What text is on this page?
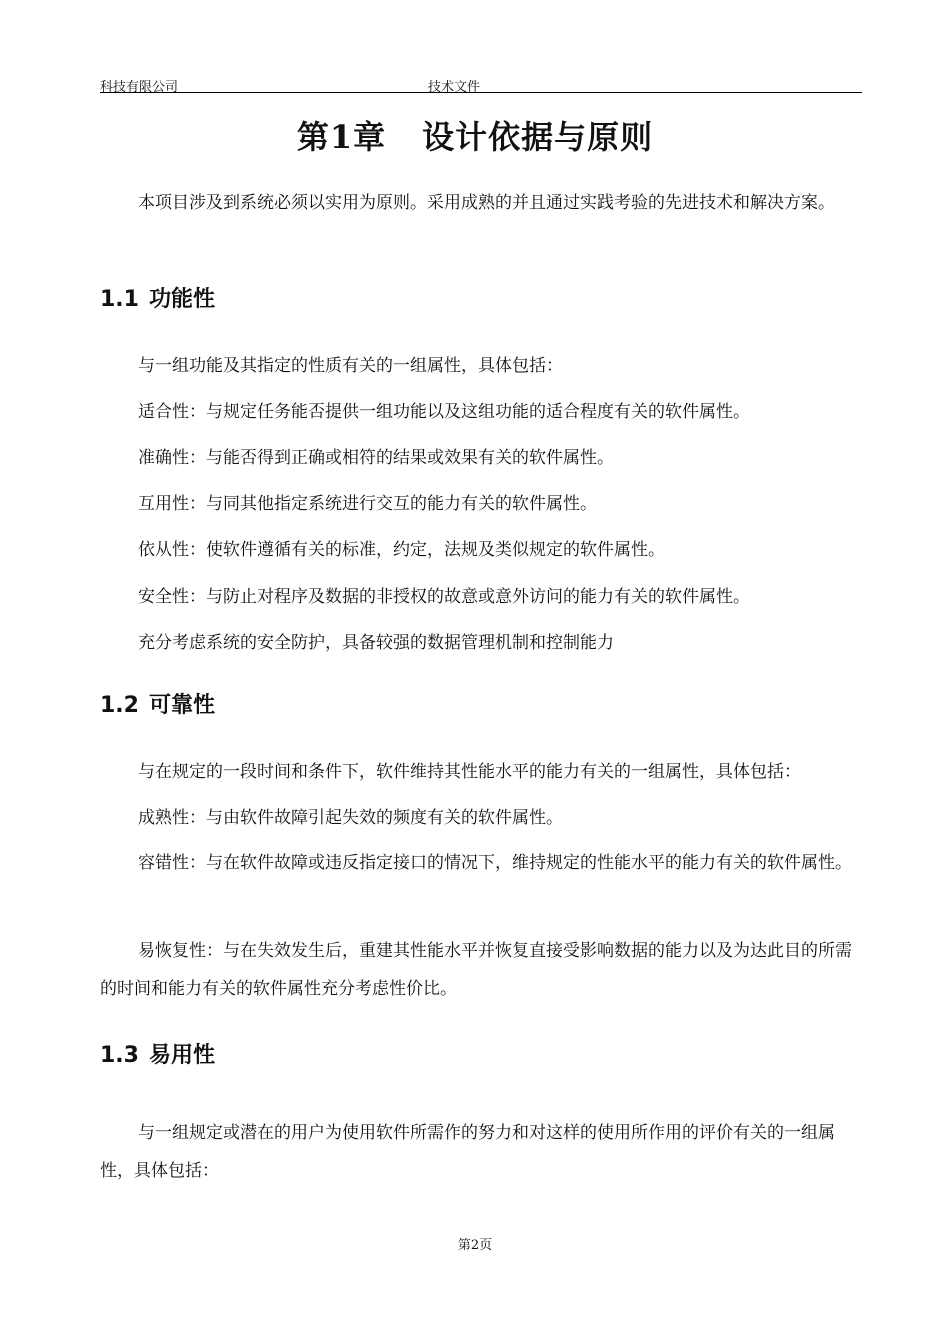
科技有限公司	技术文件
第1章 设计依据与原则
本项目涉及到系统必须以实用为原则。采用成熟的并且通过实践考验的先进技术和解决方案。
1.1 功能性
与一组功能及其指定的性质有关的一组属性，具体包括：
适合性：与规定任务能否提供一组功能以及这组功能的适合程度有关的软件属性。
准确性：与能否得到正确或相符的结果或效果有关的软件属性。
互用性：与同其他指定系统进行交互的能力有关的软件属性。
依从性：使软件遵循有关的标准，约定，法规及类似规定的软件属性。
安全性：与防止对程序及数据的非授权的故意或意外访问的能力有关的软件属性。
充分考虑系统的安全防护，具备较强的数据管理机制和控制能力
1.2 可靠性
与在规定的一段时间和条件下，软件维持其性能水平的能力有关的一组属性，具体包括：
成熟性：与由软件故障引起失效的频度有关的软件属性。
容错性：与在软件故障或违反指定接口的情况下，维持规定的性能水平的能力有关的软件属性。
易恢复性：与在失效发生后，重建其性能水平并恢复直接受影响数据的能力以及为达此目的所需的时间和能力有关的软件属性充分考虑性价比。
1.3 易用性
与一组规定或潜在的用户为使用软件所需作的努力和对这样的使用所作用的评价有关的一组属性，具体包括：
第2页
